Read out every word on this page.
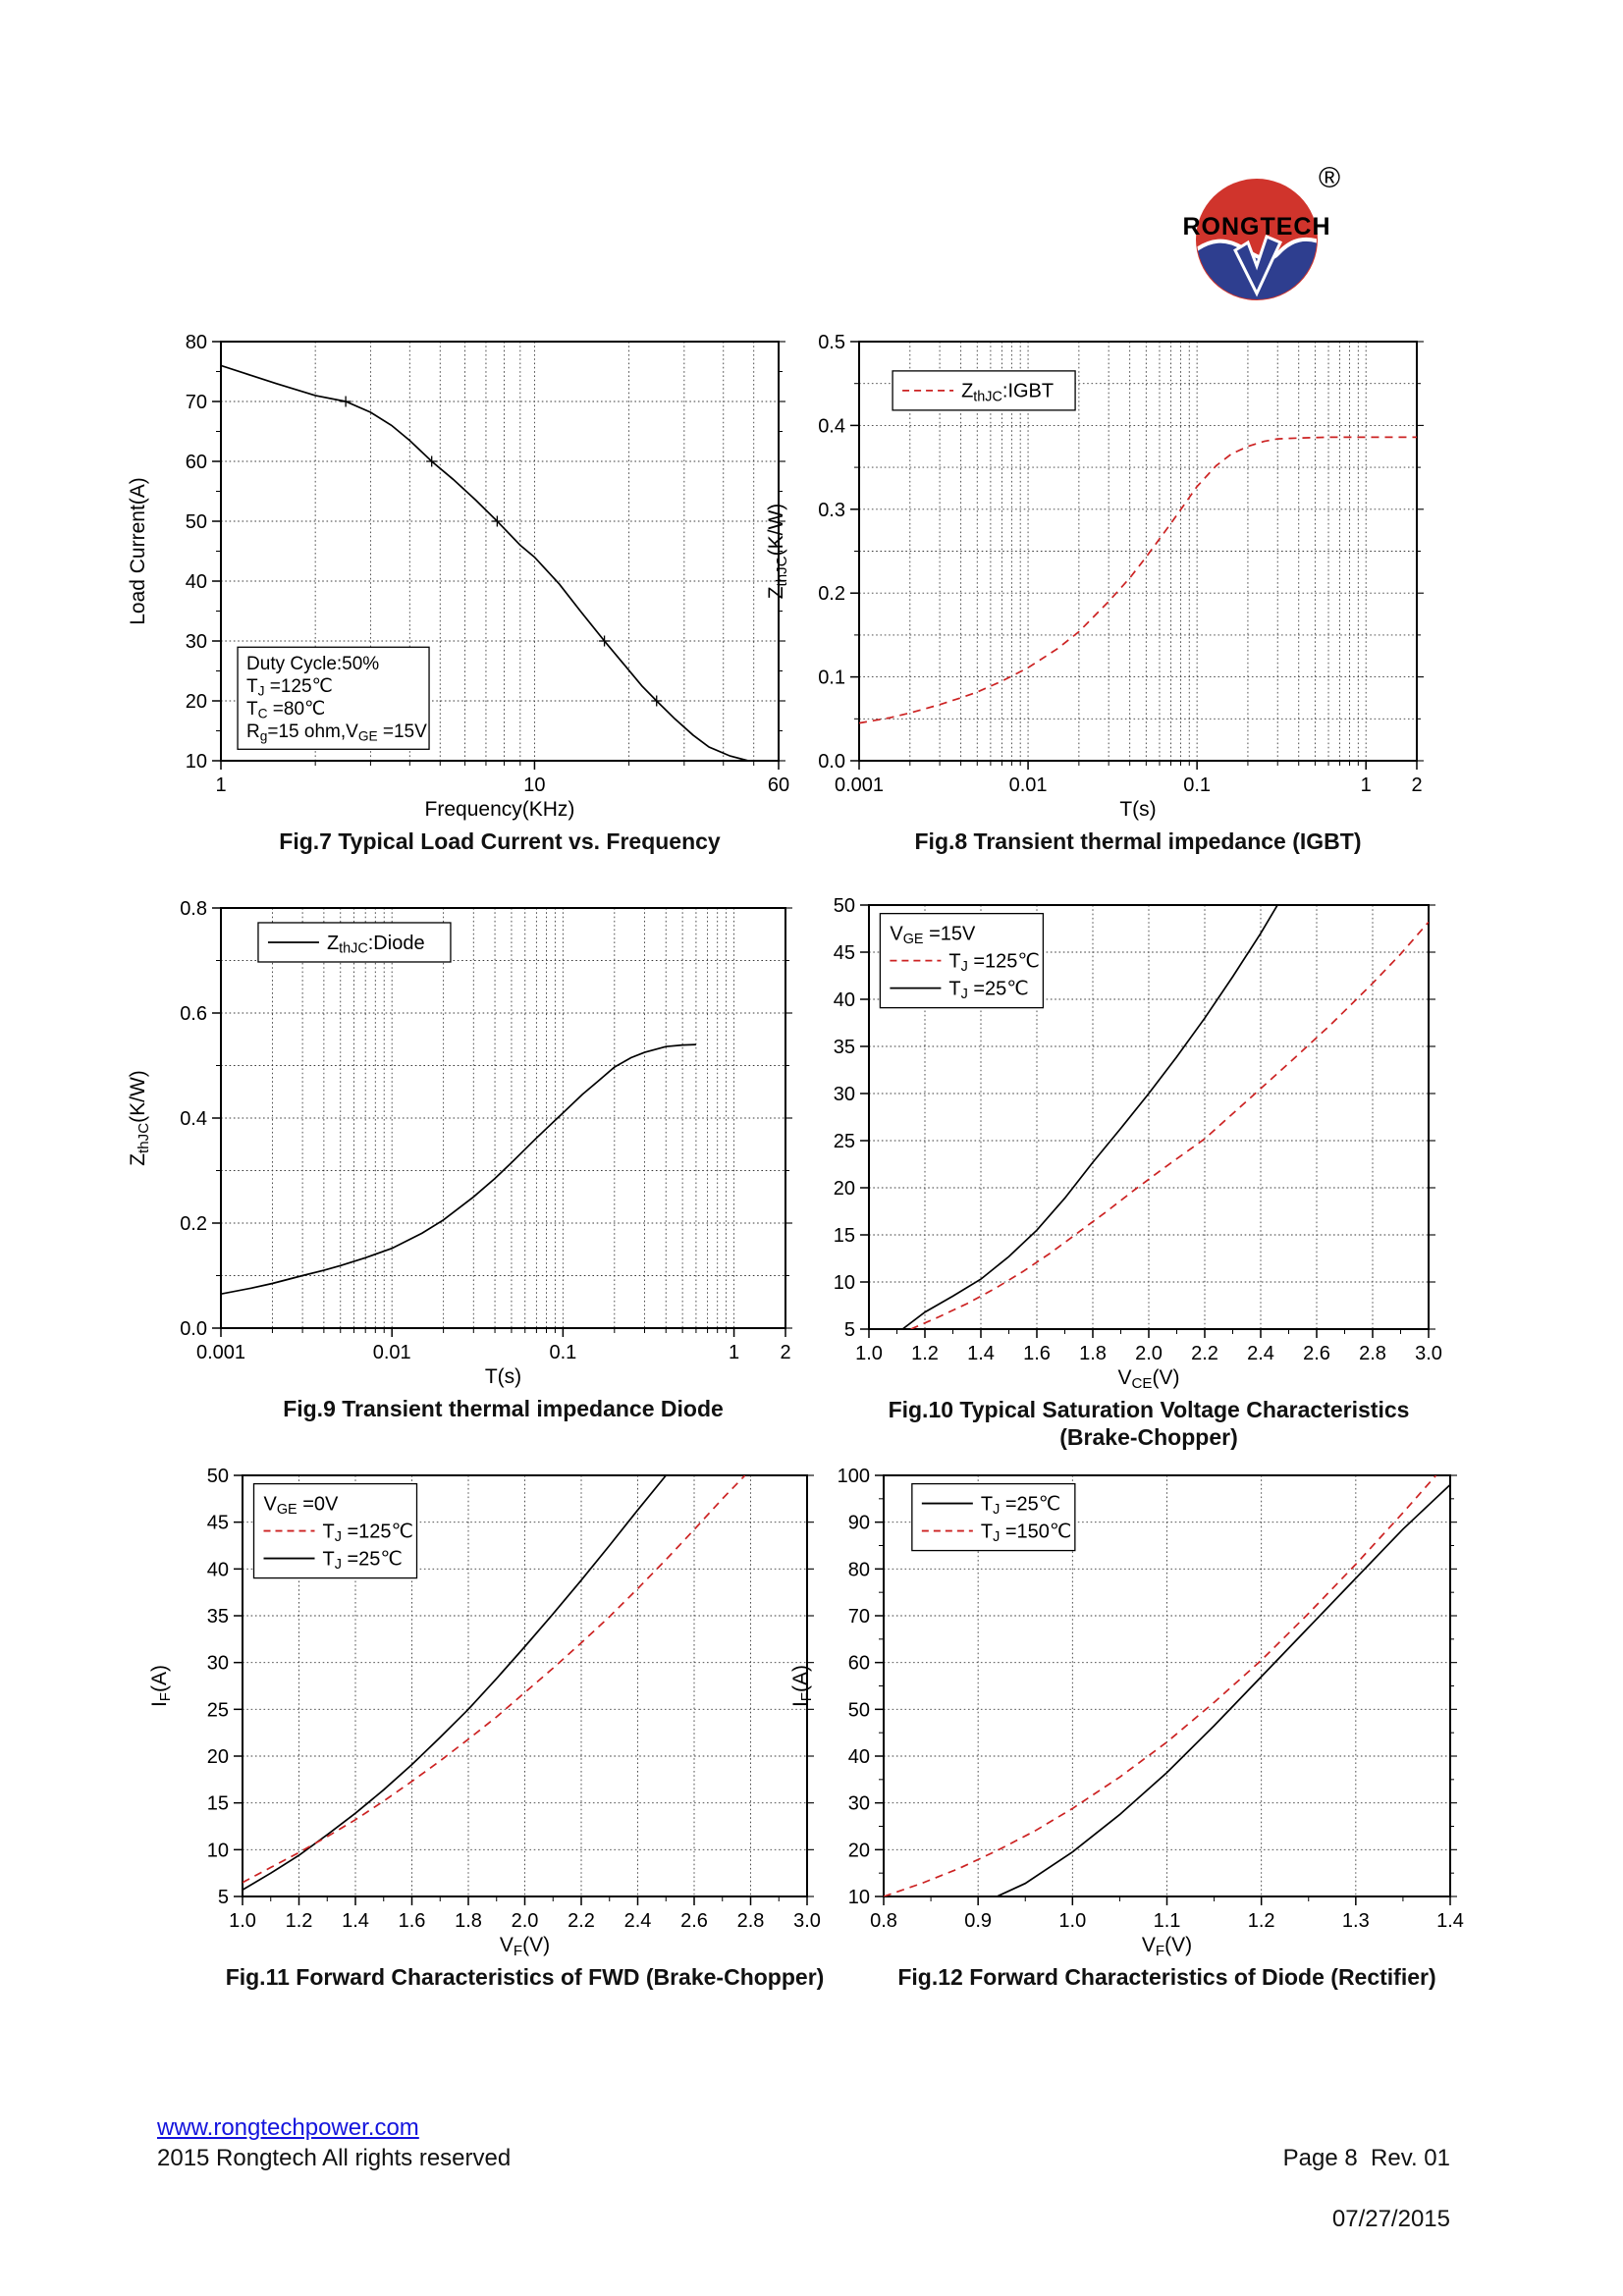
RONGTECH
®
1	10	60
10
20
30
40
50
60
70
80
Frequency(KHz)
Load Current(A)
Duty Cycle:50%
TJ =125℃
TC =80℃
Rg=15 ohm,VGE =15V
Fig.7 Typical Load Current vs. Frequency
0.001	0.01	0.1	1 2
0.0
0.1
0.2
0.3
0.4
0.5
T(s)
ZthJC(K/W)
ZthJC:IGBT
Fig.8 Transient thermal impedance (IGBT)
0.001	0.01	0.1	1 2
0.0
0.2
0.4
0.6
0.8
T(s)
ZthJC(K/W)
ZthJC:Diode
Fig.9 Transient thermal impedance Diode
1.0 1.2 1.4 1.6 1.8 2.0 2.2 2.4 2.6 2.8 3.0
5
10
15
20
25
30
35
40
45
50
VCE(V)
VGE =15V
TJ =125℃
TJ =25℃
Fig.10 Typical Saturation Voltage Characteristics
(Brake-Chopper)
1.0 1.2 1.4 1.6 1.8 2.0 2.2 2.4 2.6 2.8 3.0
5
10
15
20
25
30
35
40
45
50
VF(V)
IF(A)
VGE =0V
TJ =125℃
TJ =25℃
Fig.11 Forward Characteristics of FWD (Brake-Chopper)
0.8	0.9	1.0	1.1	1.2	1.3	1.4
10
20
30
40
50
60
70
80
90
100
VF(V)
IF(A)
TJ =25℃
TJ =150℃
Fig.12 Forward Characteristics of Diode (Rectifier)
www.rongtechpower.com
2015 Rongtech All rights reserved	Page 8  Rev. 01

07/27/2015
